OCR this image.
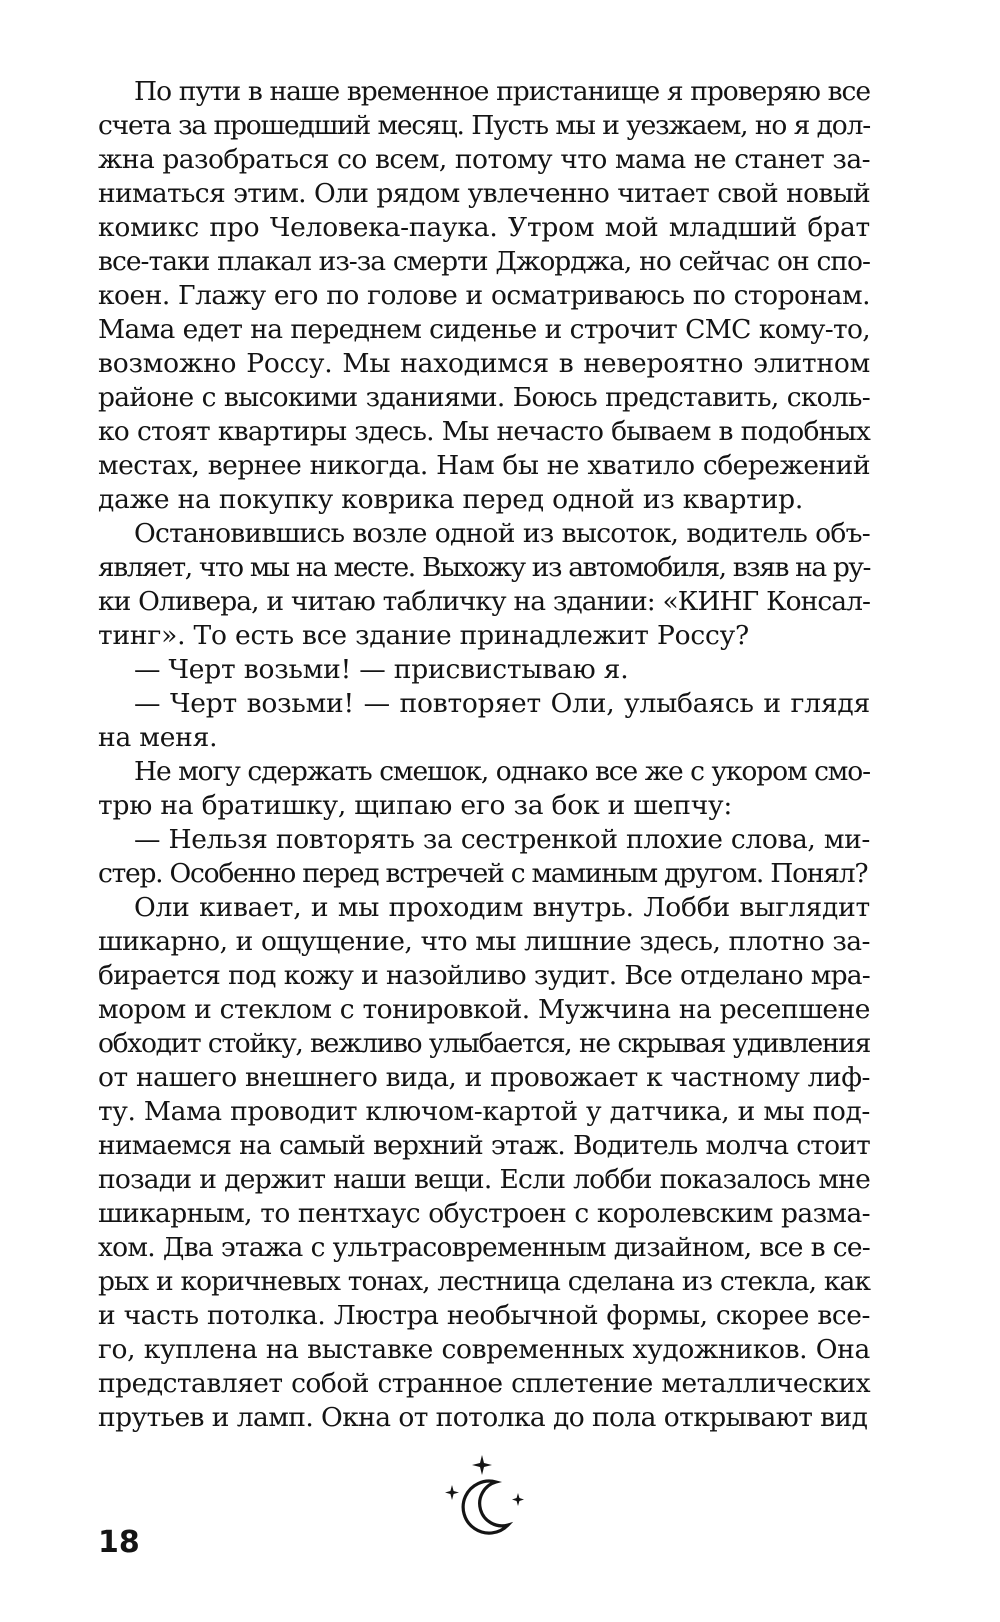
По пути в наше временное пристанище я проверяю все
счета за прошедший месяц. Пусть мы и уезжаем, но я дол-
жна разобраться со всем, потому что мама не станет за-
ниматься этим. Оли рядом увлеченно читает свой новый
комикс про Человека-паука. Утром мой младший брат
все-таки плакал из-за смерти Джорджа, но сейчас он спо-
коен. Глажу его по голове и осматриваюсь по сторонам.
Мама едет на переднем сиденье и строчит СМС кому-то,
возможно Россу. Мы находимся в невероятно элитном
районе с высокими зданиями. Боюсь представить, сколь-
ко стоят квартиры здесь. Мы нечасто бываем в подобных
местах, вернее никогда. Нам бы не хватило сбережений
даже на покупку коврика перед одной из квартир.
Остановившись возле одной из высоток, водитель объ-
являет, что мы на месте. Выхожу из автомобиля, взяв на ру-
ки Оливера, и читаю табличку на здании: «КИНГ Консал-
тинг». То есть все здание принадлежит Россу?
— Черт возьми! — присвистываю я.
— Черт возьми! — повторяет Оли, улыбаясь и глядя
на меня.
Не могу сдержать смешок, однако все же с укором смо-
трю на братишку, щипаю его за бок и шепчу:
— Нельзя повторять за сестренкой плохие слова, ми-
стер. Особенно перед встречей с маминым другом. Понял?
Оли кивает, и мы проходим внутрь. Лобби выглядит
шикарно, и ощущение, что мы лишние здесь, плотно за-
бирается под кожу и назойливо зудит. Все отделано мра-
мором и стеклом с тонировкой. Мужчина на ресепшене
обходит стойку, вежливо улыбается, не скрывая удивления
от нашего внешнего вида, и провожает к частному лиф-
ту. Мама проводит ключом-картой у датчика, и мы под-
нимаемся на самый верхний этаж. Водитель молча стоит
позади и держит наши вещи. Если лобби показалось мне
шикарным, то пентхаус обустроен с королевским разма-
хом. Два этажа с ультрасовременным дизайном, все в се-
рых и коричневых тонах, лестница сделана из стекла, как
и часть потолка. Люстра необычной формы, скорее все-
го, куплена на выставке современных художников. Она
представляет собой странное сплетение металлических
прутьев и ламп. Окна от потолка до пола открывают вид
18
